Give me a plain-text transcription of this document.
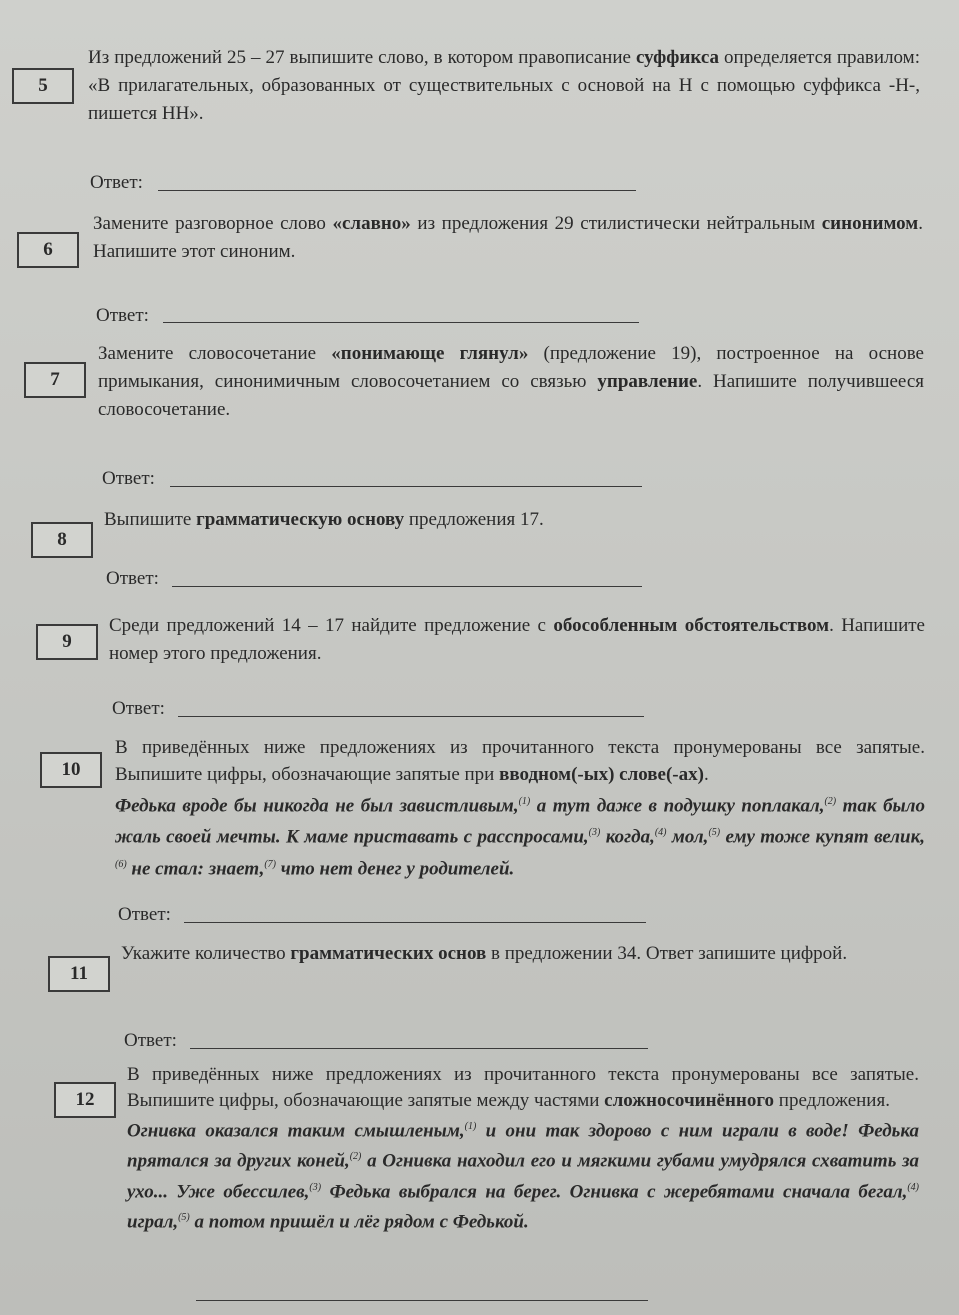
5
Из предложений 25 – 27 выпишите слово, в котором правописание суффикса определяется правилом: «В прилагательных, образованных от существительных с основой на Н с помощью суффикса -Н-, пишется НН».
Ответ:
6
Замените разговорное слово «славно» из предложения 29 стилистически нейтральным синонимом. Напишите этот синоним.
Ответ:
7
Замените словосочетание «понимающе глянул» (предложение 19), построенное на основе примыкания, синонимичным словосочетанием со связью управление. Напишите получившееся словосочетание.
Ответ:
8
Выпишите грамматическую основу предложения 17.
Ответ:
9
Среди предложений 14 – 17 найдите предложение с обособленным обстоятельством. Напишите номер этого предложения.
Ответ:
10
В приведённых ниже предложениях из прочитанного текста пронумерованы все запятые. Выпишите цифры, обозначающие запятые при вводном(-ых) слове(-ах).
Федька вроде бы никогда не был завистливым,$^{(1)}$ а тут даже в подушку поплакал,$^{(2)}$ так было жаль своей мечты. К маме приставать с расспросами,$^{(3)}$ когда,$^{(4)}$ мол,$^{(5)}$ ему тоже купят велик,$^{(6)}$ не стал: знает,$^{(7)}$ что нет денег у родителей.
Ответ:
11
Укажите количество грамматических основ в предложении 34. Ответ запишите цифрой.
Ответ:
12
В приведённых ниже предложениях из прочитанного текста пронумерованы все запятые. Выпишите цифры, обозначающие запятые между частями сложносочинённого предложения.
Огнивка оказался таким смышленым,$^{(1)}$ и они так здорово с ним играли в воде! Федька прятался за других коней,$^{(2)}$ а Огнивка находил его и мягкими губами умудрялся схватить за ухо... Уже обессилев,$^{(3)}$ Федька выбрался на берег. Огнивка с жеребятами сначала бегал,$^{(4)}$ играл,$^{(5)}$ а потом пришёл и лёг рядом с Федькой.
